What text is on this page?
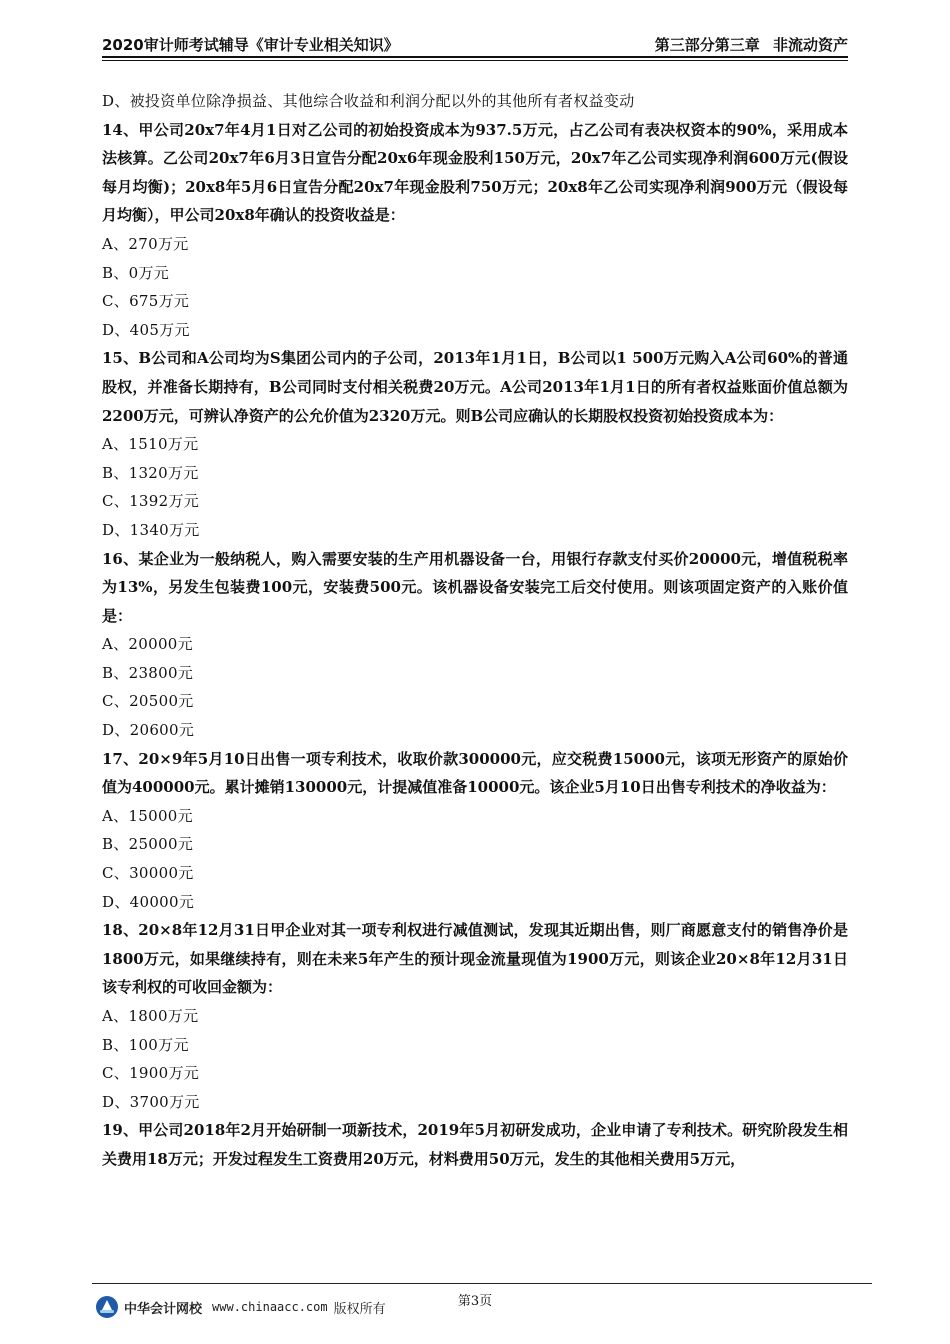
2020审计师考试辅导《审计专业相关知识》	第三部分第三章 非流动资产

D、被投资单位除净损益、其他综合收益和利润分配以外的其他所有者权益变动

14、甲公司20x7年4月1日对乙公司的初始投资成本为937.5万元，占乙公司有表决权资本的90%，采用成本法核算。乙公司20x7年6月3日宣告分配20x6年现金股利150万元，20x7年乙公司实现净利润600万元(假设每月均衡)；20x8年5月6日宣告分配20x7年现金股利750万元；20x8年乙公司实现净利润900万元（假设每月均衡），甲公司20x8年确认的投资收益是：

A、270万元

B、0万元

C、675万元

D、405万元

15、B公司和A公司均为S集团公司内的子公司，2013年1月1日，B公司以1 500万元购入A公司60%的普通股权，并准备长期持有，B公司同时支付相关税费20万元。A公司2013年1月1日的所有者权益账面价值总额为2200万元，可辨认净资产的公允价值为2320万元。则B公司应确认的长期股权投资初始投资成本为：

A、1510万元

B、1320万元

C、1392万元

D、1340万元

16、某企业为一般纳税人，购入需要安装的生产用机器设备一台，用银行存款支付买价20000元，增值税税率为13%，另发生包装费100元，安装费500元。该机器设备安装完工后交付使用。则该项固定资产的入账价值是：

A、20000元

B、23800元

C、20500元

D、20600元

17、20×9年5月10日出售一项专利技术，收取价款300000元，应交税费15000元，该项无形资产的原始价值为400000元。累计摊销130000元，计提减值准备10000元。该企业5月10日出售专利技术的净收益为：

A、15000元

B、25000元

C、30000元

D、40000元

18、20×8年12月31日甲企业对其一项专利权进行减值测试，发现其近期出售，则厂商愿意支付的销售净价是1800万元，如果继续持有，则在未来5年产生的预计现金流量现值为1900万元，则该企业20×8年12月31日该专利权的可收回金额为：

A、1800万元

B、100万元

C、1900万元

D、3700万元

19、甲公司2018年2月开始研制一项新技术，2019年5月初研发成功，企业申请了专利技术。研究阶段发生相关费用18万元；开发过程发生工资费用20万元，材料费用50万元，发生的其他相关费用5万元，

第3页
中华会计网校 www.chinaacc.com 版权所有
